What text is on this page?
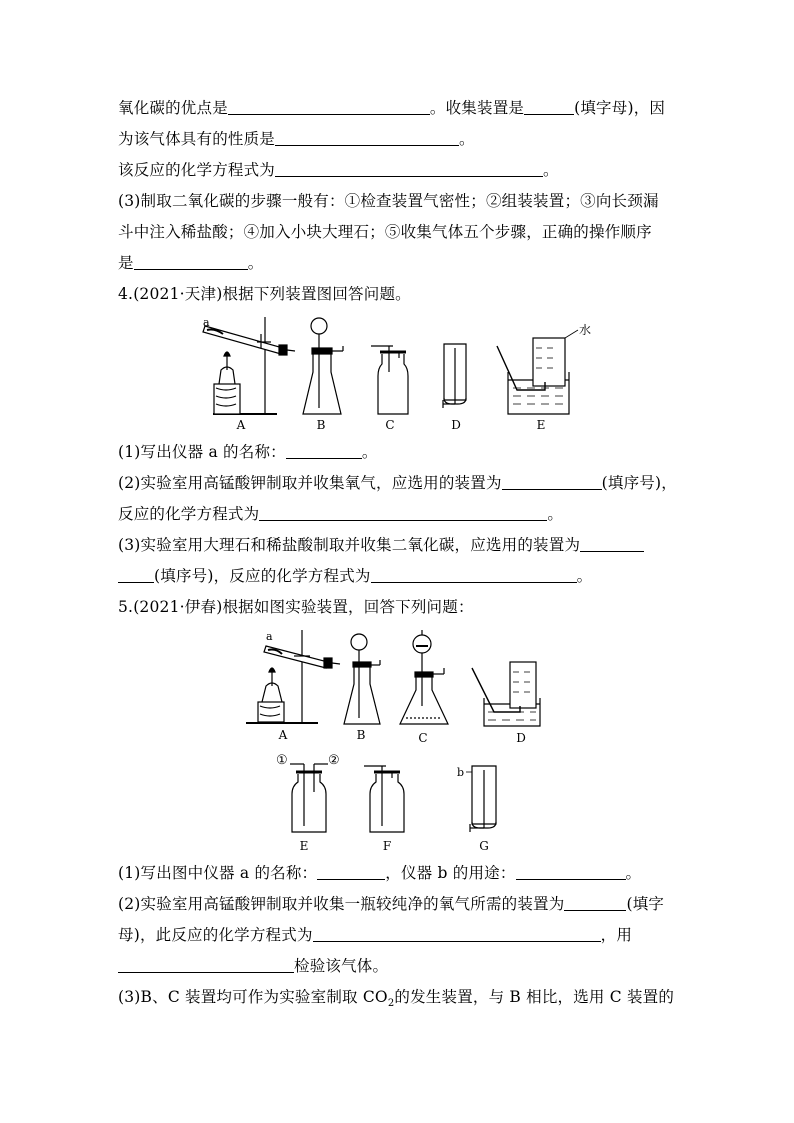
氧化碳的优点是	。收集装置是	(填字母)，因
为该气体具有的性质是	。
该反应的化学方程式为	。
(3)制取二氧化碳的步骤一般有：①检查装置气密性；②组装装置；③向长颈漏
斗中注入稀盐酸；④加入小块大理石；⑤收集气体五个步骤，正确的操作顺序
是	。
4.(2021·天津)根据下列装置图回答问题。
a
水
A	B	C	D	E
(1)写出仪器 a 的名称：	。
(2)实验室用高锰酸钾制取并收集氧气，应选用的装置为	(填序号)，
反应的化学方程式为	。
(3)实验室用大理石和稀盐酸制取并收集二氧化碳，应选用的装置为
(填序号)，反应的化学方程式为	。
5.(2021·伊春)根据如图实验装置，回答下列问题：
a
A	B	C	D
①	②
b
E	F	G
(1)写出图中仪器 a 的名称：	，仪器 b 的用途：	。
(2)实验室用高锰酸钾制取并收集一瓶较纯净的氧气所需的装置为	(填字
母)，此反应的化学方程式为	，用
检验该气体。
(3)B、C 装置均可作为实验室制取 $CO_2$的发生装置，与 B 相比，选用 C 装置的
